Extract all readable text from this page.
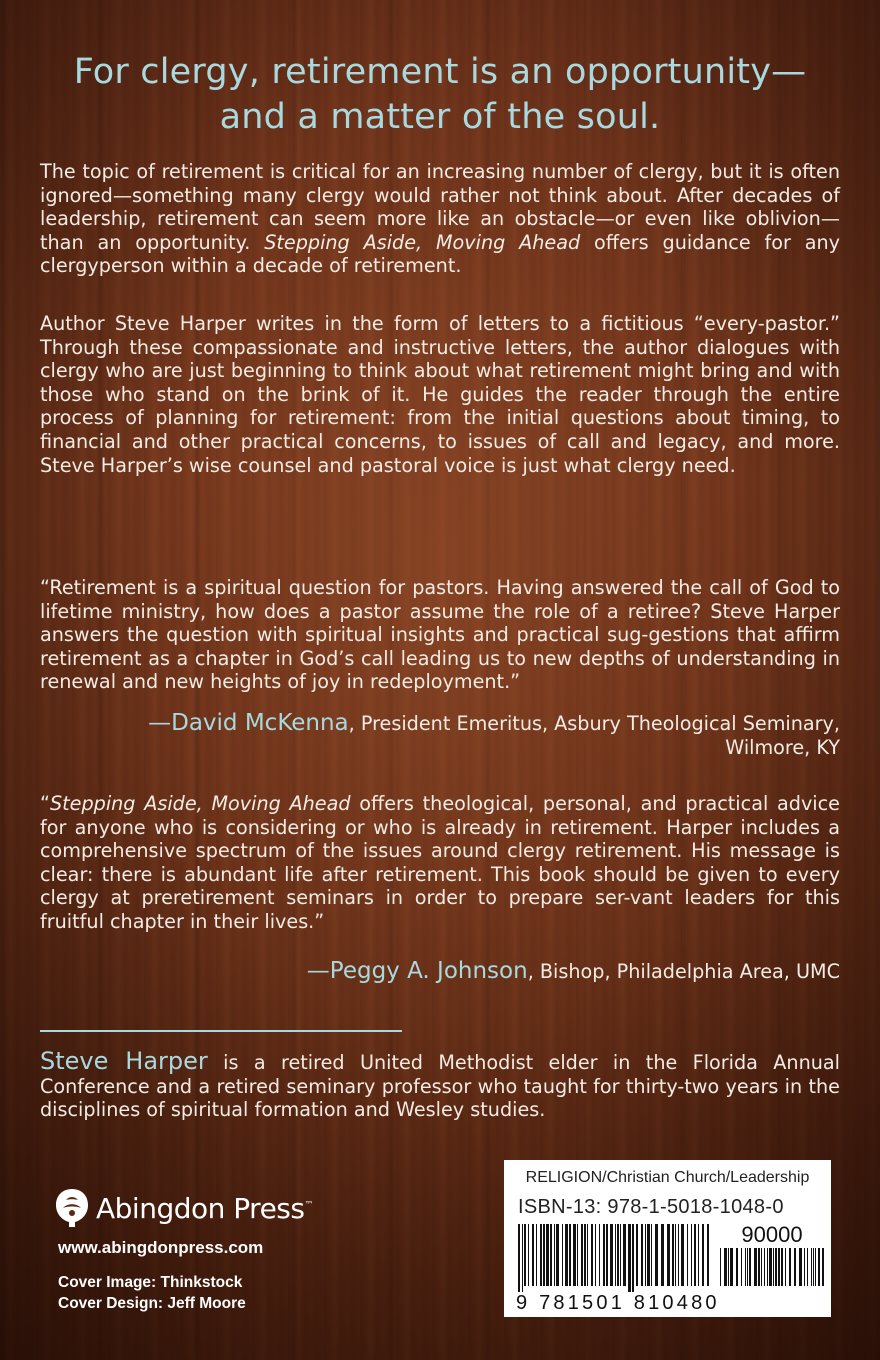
For clergy, retirement is an opportunity—
and a matter of the soul.

The topic of retirement is critical for an increasing number of clergy, but it is often ignored—something many clergy would rather not think about. After decades of leadership, retirement can seem more like an obstacle—or even like oblivion—than an opportunity. Stepping Aside, Moving Ahead offers guidance for any clergyperson within a decade of retirement.

Author Steve Harper writes in the form of letters to a fictitious “every-pastor.” Through these compassionate and instructive letters, the author dialogues with clergy who are just beginning to think about what retirement might bring and with those who stand on the brink of it. He guides the reader through the entire process of planning for retirement: from the initial questions about timing, to financial and other practical concerns, to issues of call and legacy, and more. Steve Harper’s wise counsel and pastoral voice is just what clergy need.

“Retirement is a spiritual question for pastors. Having answered the call of God to lifetime ministry, how does a pastor assume the role of a retiree? Steve Harper answers the question with spiritual insights and practical sug-gestions that affirm retirement as a chapter in God’s call leading us to new depths of understanding in renewal and new heights of joy in redeployment.”

—David McKenna, President Emeritus, Asbury Theological Seminary,
Wilmore, KY

“Stepping Aside, Moving Ahead offers theological, personal, and practical advice for anyone who is considering or who is already in retirement. Harper includes a comprehensive spectrum of the issues around clergy retirement. His message is clear: there is abundant life after retirement. This book should be given to every clergy at preretirement seminars in order to prepare ser-vant leaders for this fruitful chapter in their lives.”

—Peggy A. Johnson, Bishop, Philadelphia Area, UMC

Steve Harper is a retired United Methodist elder in the Florida Annual Conference and a retired seminary professor who taught for thirty-two years in the disciplines of spiritual formation and Wesley studies.

Abingdon Press™
www.abingdonpress.com
Cover Image: Thinkstock
Cover Design: Jeff Moore
RELIGION/Christian Church/Leadership
ISBN-13: 978-1-5018-1048-0
90000
9 781501 810480
